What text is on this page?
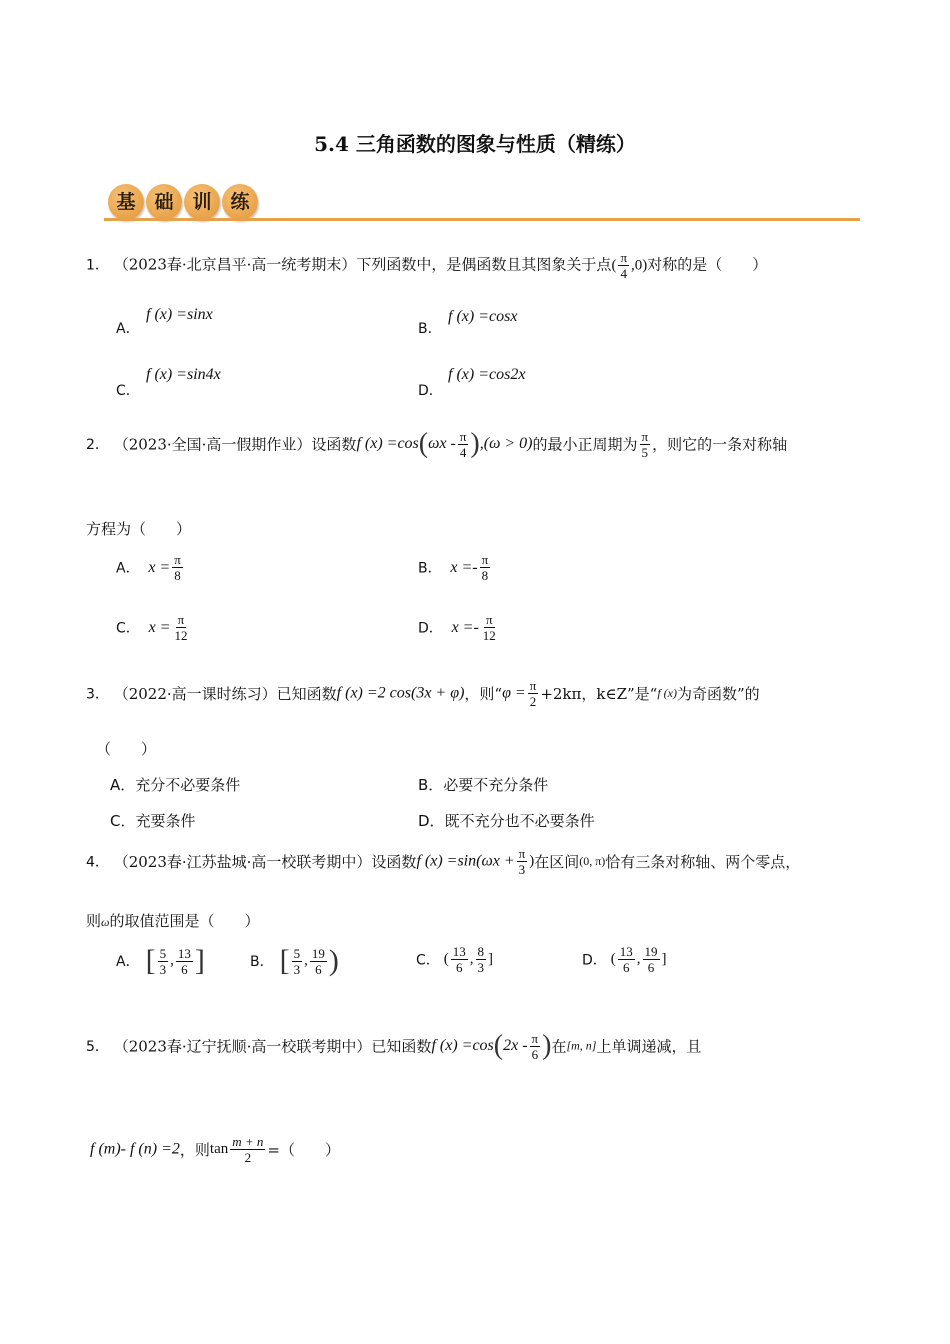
5.4 三角函数的图象与性质（精练）
基 础 训 练
1． （2023春·北京昌平·高一统考期末）下列函数中，是偶函数且其图象关于点( $\frac{\pi}{4} ,0$)对称的是（　　）
A．
f (x) =sinx
B．
f (x) =cosx
C．
f (x) =sin4x
D．
f (x) =cos2x
2． （2023·全国·高一假期作业）设函数f $(x) =\cos(\omega x - \frac{\pi}{4} ),(\omega > 0)$的最小正周期为 $\frac{\pi}{5}$ ，则它的一条对称轴
方程为（　　）
A． $x = \frac{\pi}{8}$	B． $x =- \frac{\pi}{8}$
C． $x = \frac{\pi}{12}$	D． $x =- \frac{\pi}{12}$
3． （2022·高一课时练习）已知函数f (x) =2 cos(3x + φ)，则“$\varphi = \frac{\pi}{2} +2k\pi$，k∈Z”是“f (x)为奇函数”的
（　　）
A．充分不必要条件	B．必要不充分条件
C．充要条件	D．既不充分也不必要条件
4． （2023春·江苏盐城·高一校联考期中）设函数f $(x) =\sin(\omega x + \frac{\pi}{3}$ )在区间(0, π)恰有三条对称轴、两个零点，
则ω的取值范围是（　　）
A． [ $\frac{5}{3}$ , $\frac{13}{6}$ ]	B． [ $\frac{5}{3}$ , $\frac{19}{6}$ )	C． ( $\frac{13}{6}$ , $\frac{8}{3}$ ]	D． ( $\frac{13}{6}$ , $\frac{19}{6}$ ]
5． （2023春·辽宁抚顺·高一校联考期中）已知函数f $(x) =\cos(2x - \frac{\pi}{6}$ )在[m, n]上单调递减，且
f (m)- f (n) =2，则$\tan \frac{m + n}{2}$ =（　　）
